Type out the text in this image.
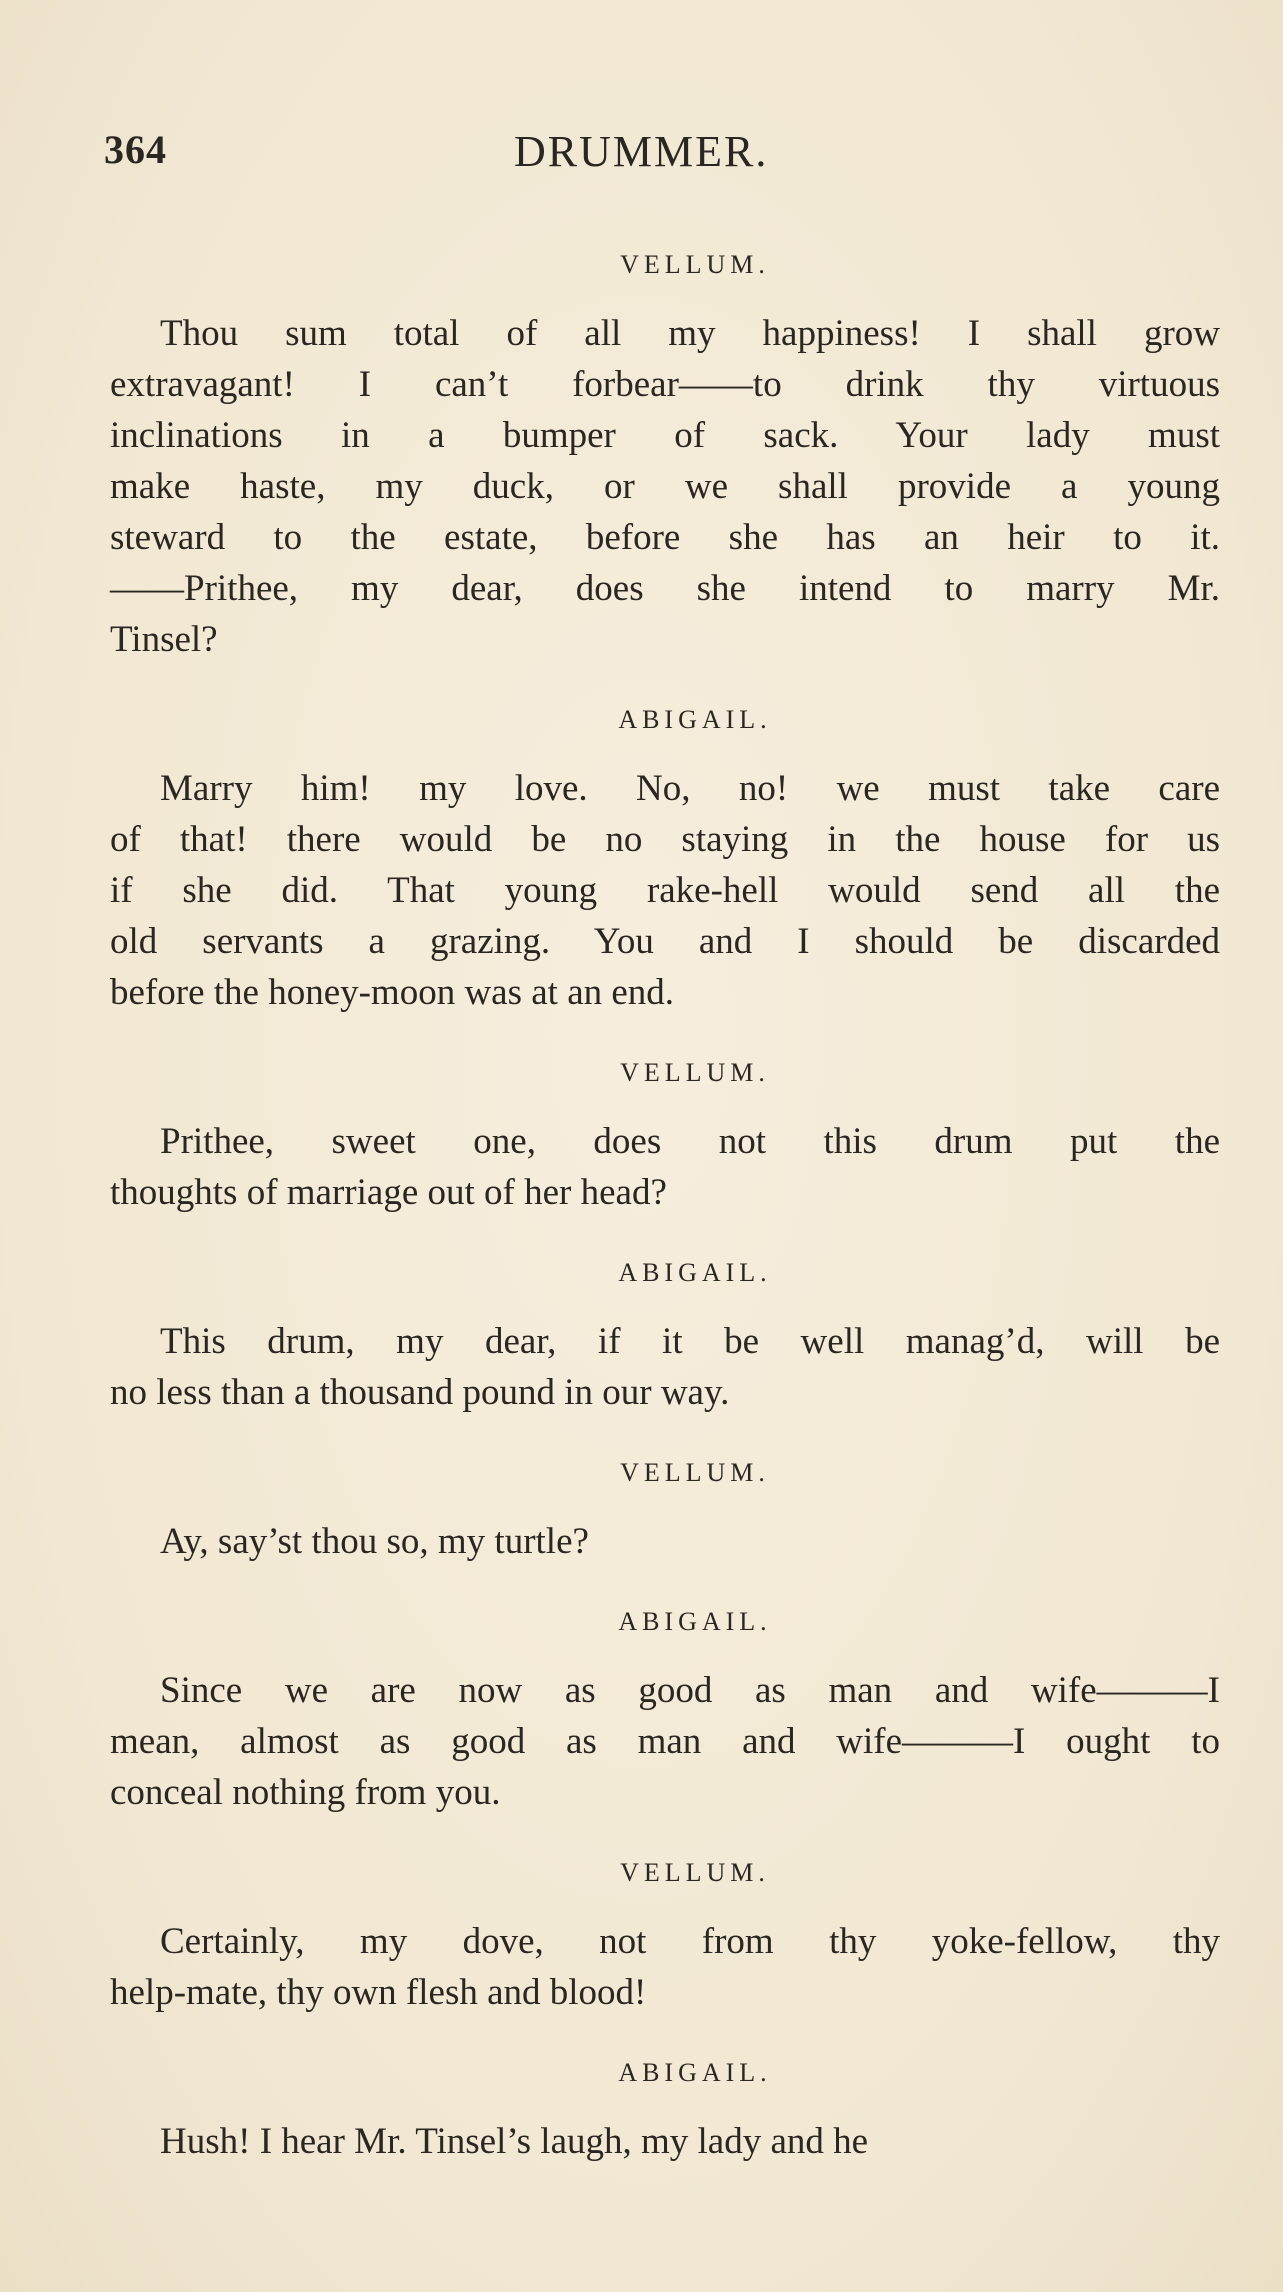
364	DRUMMER.
VELLUM.
Thou sum total of all my happiness! I shall grow
extravagant! I can’t forbear——to drink thy virtuous
inclinations in a bumper of sack. Your lady must
make haste, my duck, or we shall provide a young
steward to the estate, before she has an heir to it.
——Prithee, my dear, does she intend to marry Mr.
Tinsel?
ABIGAIL.
Marry him! my love. No, no! we must take care
of that! there would be no staying in the house for us
if she did. That young rake-hell would send all the
old servants a grazing. You and I should be discarded
before the honey-moon was at an end.
VELLUM.
Prithee, sweet one, does not this drum put the
thoughts of marriage out of her head?
ABIGAIL.
This drum, my dear, if it be well manag’d, will be
no less than a thousand pound in our way.
VELLUM.
Ay, say’st thou so, my turtle?
ABIGAIL.
Since we are now as good as man and wife———I
mean, almost as good as man and wife———I ought to
conceal nothing from you.
VELLUM.
Certainly, my dove, not from thy yoke-fellow, thy
help-mate, thy own flesh and blood!
ABIGAIL.
Hush! I hear Mr. Tinsel’s laugh, my lady and he
